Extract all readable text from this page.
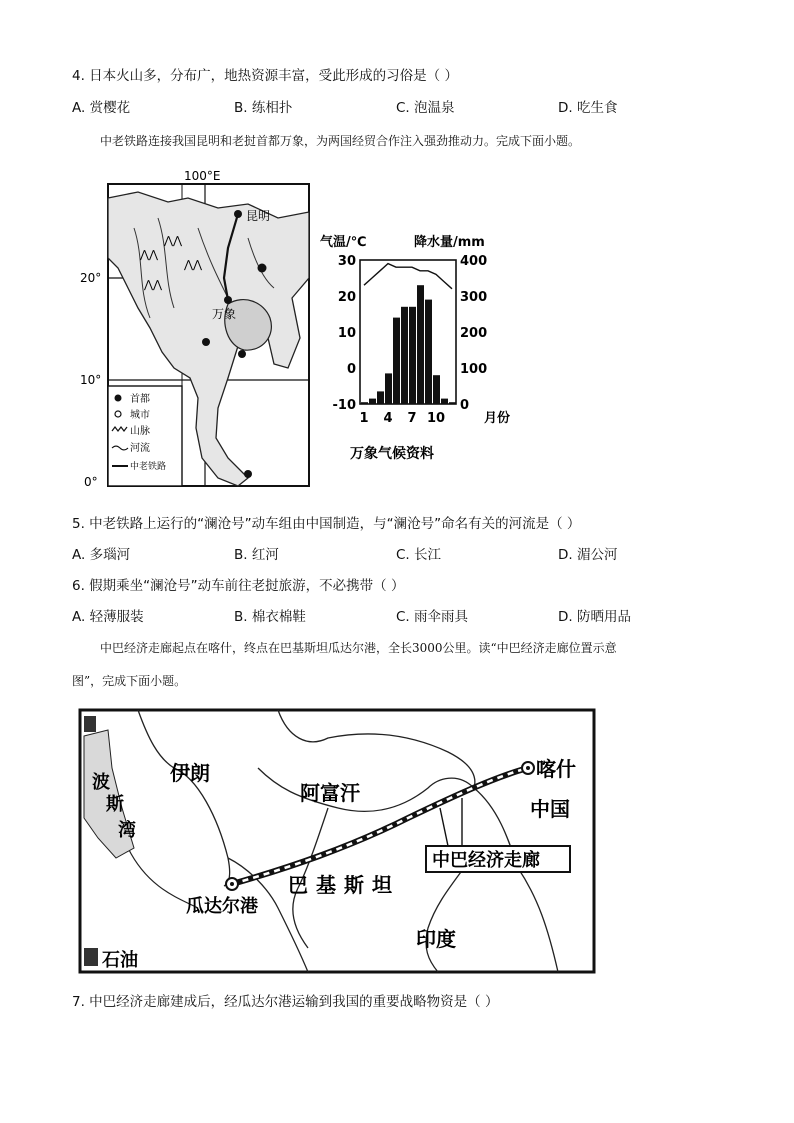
4. 日本火山多，分布广，地热资源丰富，受此形成的习俗是（ ）
A. 赏樱花	B. 练相扑	C. 泡温泉	D. 吃生食
中老铁路连接我国昆明和老挝首都万象，为两国经贸合作注入强劲推动力。完成下面小题。
⋀⋀
⋀⋀
⋀⋀
⋀⋀
100°E
20°
10°
0°
昆明
万象
首都
城市
山脉
河流
中老铁路
气温/℃	降水量/mm
30
20
10
0
-10
400
300
200
100
0
1 4 7 10	月份
万象气候资料
5. 中老铁路上运行的“澜沧号”动车组由中国制造，与“澜沧号”命名有关的河流是（ ）
A. 多瑙河	B. 红河	C. 长江	D. 湄公河
6. 假期乘坐“澜沧号”动车前往老挝旅游，不必携带（ ）
A. 轻薄服装	B. 棉衣棉鞋	C. 雨伞雨具	D. 防晒用品
中巴经济走廊起点在喀什，终点在巴基斯坦瓜达尔港，全长3000公里。读“中巴经济走廊位置示意
图”，完成下面小题。
伊朗
波
斯
湾
阿富汗
喀什
中国
中巴经济走廊
巴基斯坦
瓜达尔港
印度
石油
7. 中巴经济走廊建成后，经瓜达尔港运输到我国的重要战略物资是（ ）
